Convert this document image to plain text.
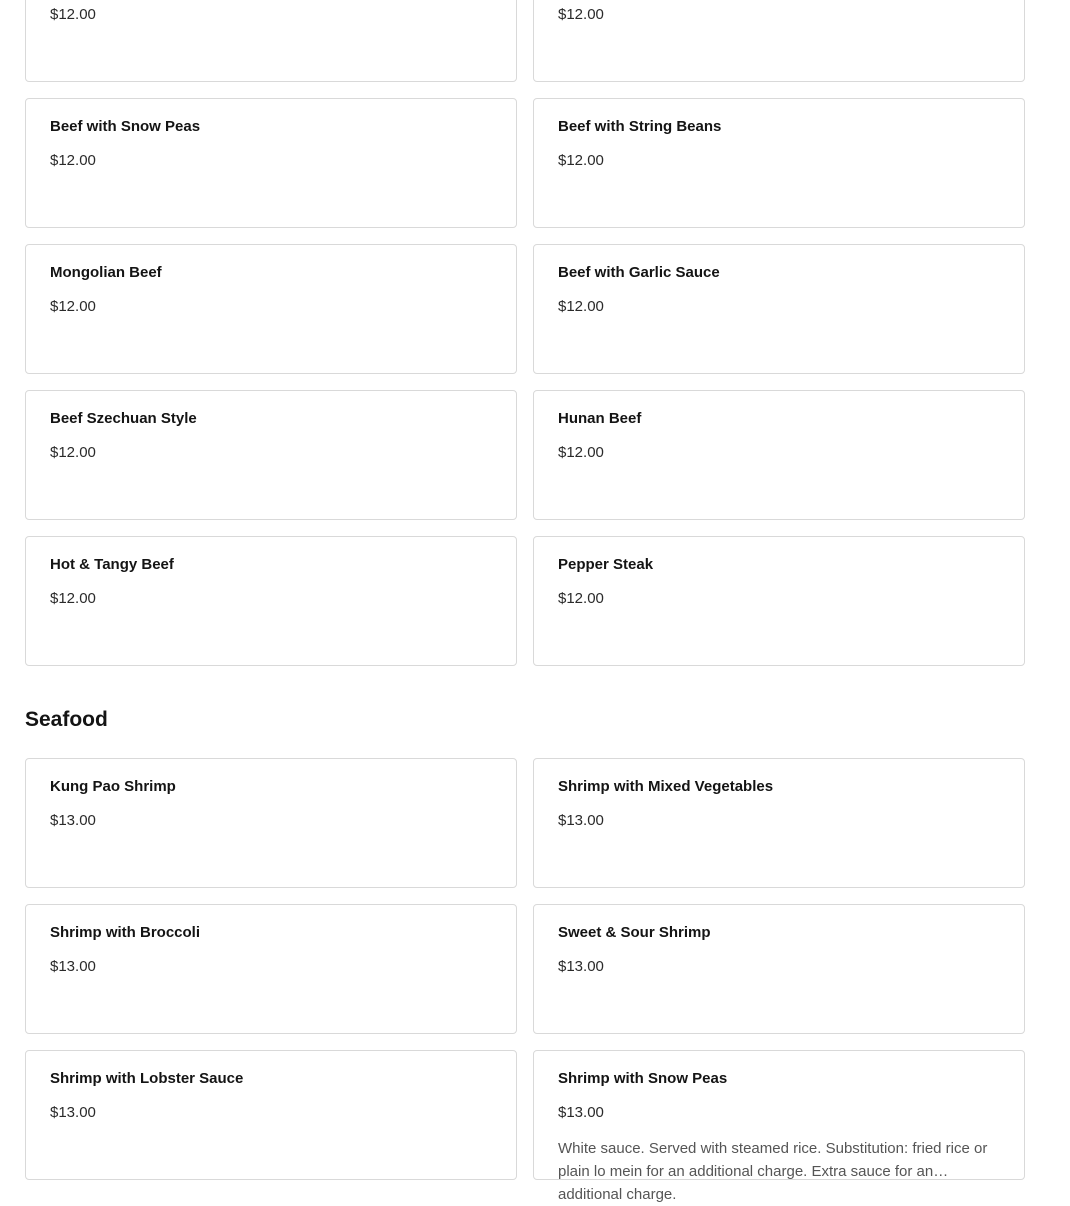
$12.00	$12.00
Beef with Snow Peas
$12.00
Beef with String Beans
$12.00
Mongolian Beef
$12.00
Beef with Garlic Sauce
$12.00
Beef Szechuan Style
$12.00
Hunan Beef
$12.00
Hot & Tangy Beef
$12.00
Pepper Steak
$12.00
Seafood
Kung Pao Shrimp
$13.00
Shrimp with Mixed Vegetables
$13.00
Shrimp with Broccoli
$13.00
Sweet & Sour Shrimp
$13.00
Shrimp with Lobster Sauce
$13.00
Shrimp with Snow Peas
$13.00
White sauce. Served with steamed rice. Substitution: fried rice or plain lo mein for an additional charge. Extra sauce for an additional charge.
